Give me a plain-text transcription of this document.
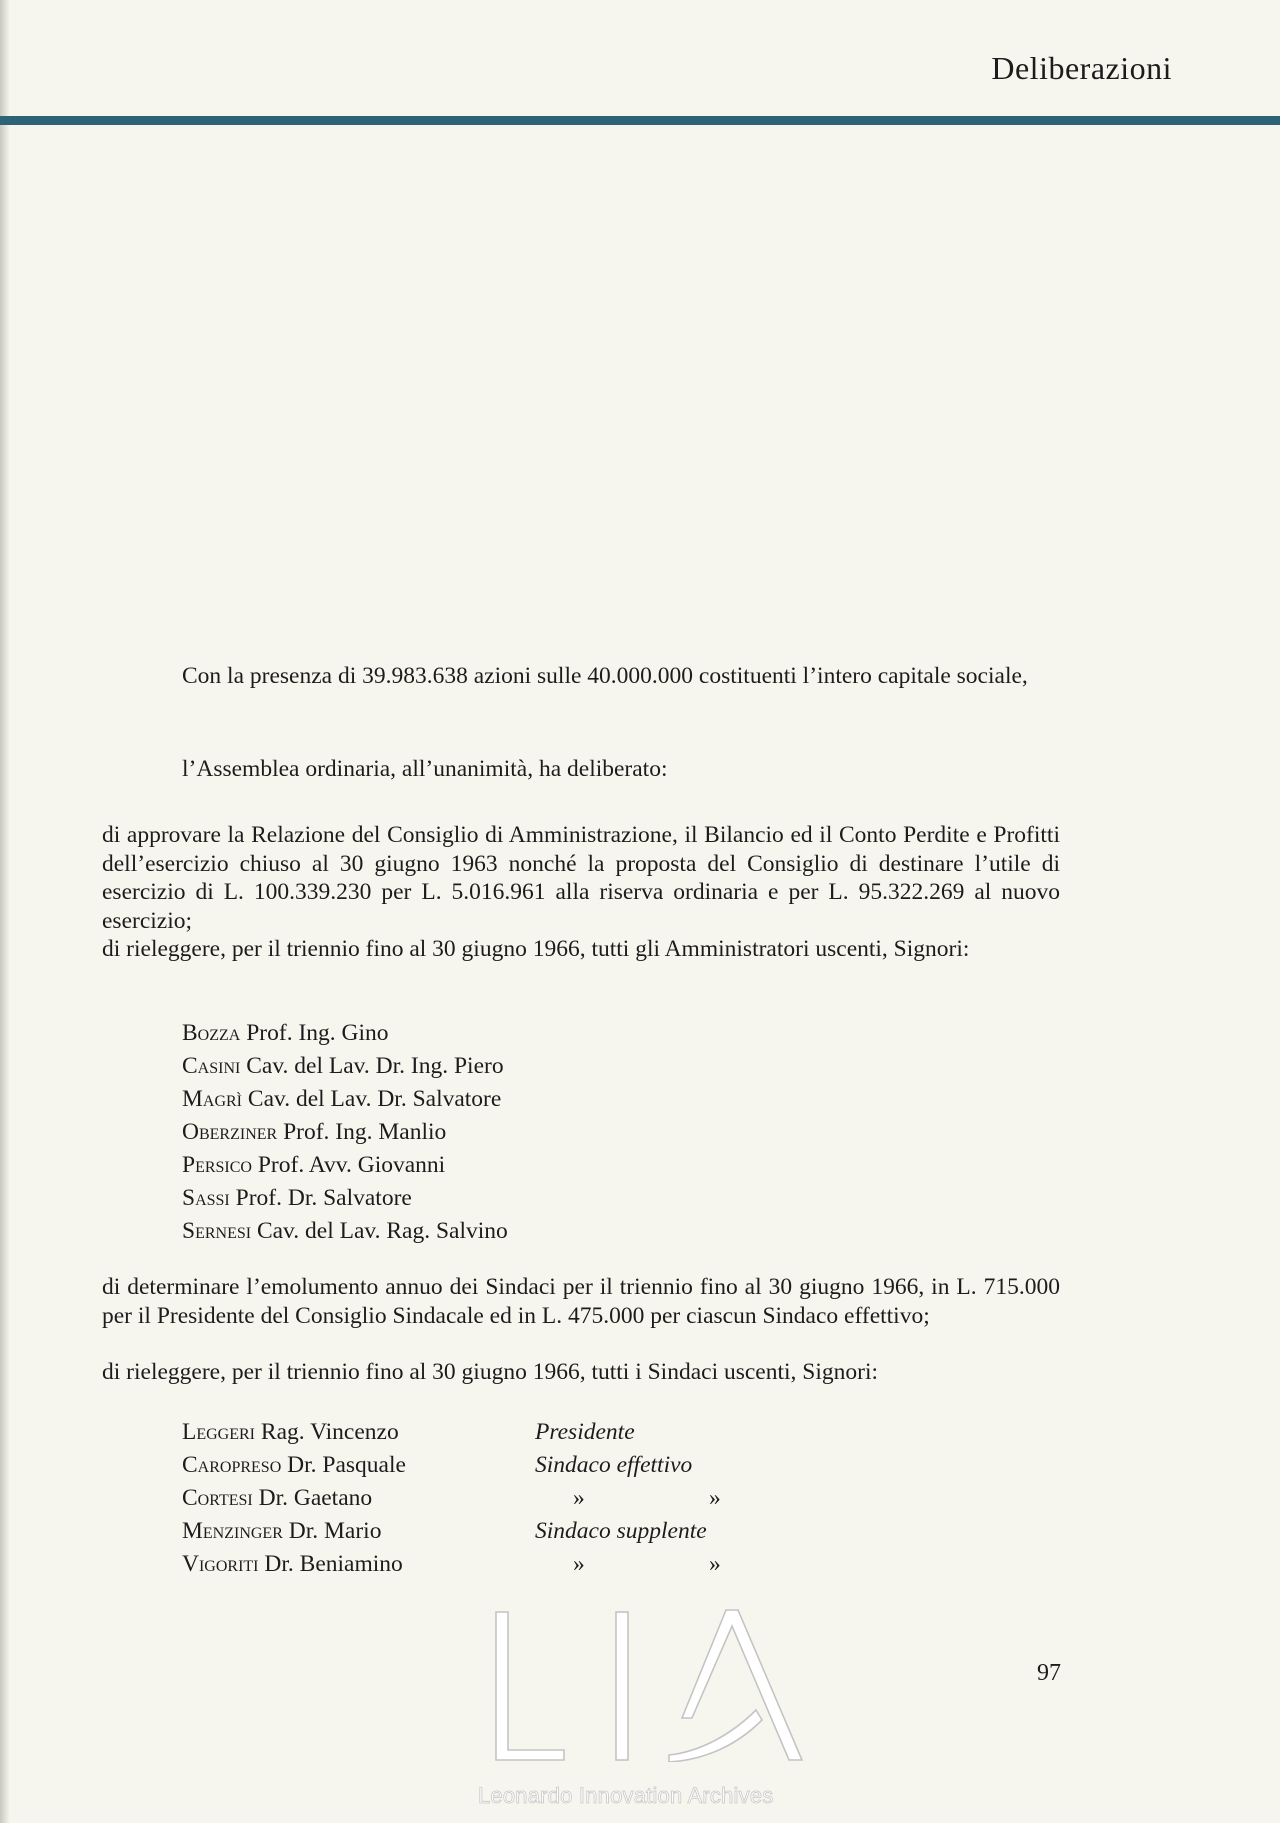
Deliberazioni

Con la presenza di 39.983.638 azioni sulle 40.000.000 costituenti l’intero capitale sociale,

l’Assemblea ordinaria, all’unanimità, ha deliberato:

di approvare la Relazione del Consiglio di Amministrazione, il Bilancio ed il Conto Perdite e Profitti dell’esercizio chiuso al 30 giugno 1963 nonché la proposta del Consiglio di destinare l’utile di esercizio di L. 100.339.230 per L. 5.016.961 alla riserva ordinaria e per L. 95.322.269 al nuovo esercizio;

di rieleggere, per il triennio fino al 30 giugno 1966, tutti gli Amministratori uscenti, Signori:

Bozza Prof. Ing. Gino
Casini Cav. del Lav. Dr. Ing. Piero
Magrì Cav. del Lav. Dr. Salvatore
Oberziner Prof. Ing. Manlio
Persico Prof. Avv. Giovanni
Sassi Prof. Dr. Salvatore
Sernesi Cav. del Lav. Rag. Salvino

di determinare l’emolumento annuo dei Sindaci per il triennio fino al 30 giugno 1966, in L. 715.000 per il Presidente del Consiglio Sindacale ed in L. 475.000 per ciascun Sindaco effettivo;

di rieleggere, per il triennio fino al 30 giugno 1966, tutti i Sindaci uscenti, Signori:

Leggeri Rag. Vincenzo	Presidente
Caropreso Dr. Pasquale	Sindaco effettivo
Cortesi Dr. Gaetano	»	»
Menzinger Dr. Mario	Sindaco supplente
Vigoriti Dr. Beniamino	»	»
97
Leonardo Innovation Archives
